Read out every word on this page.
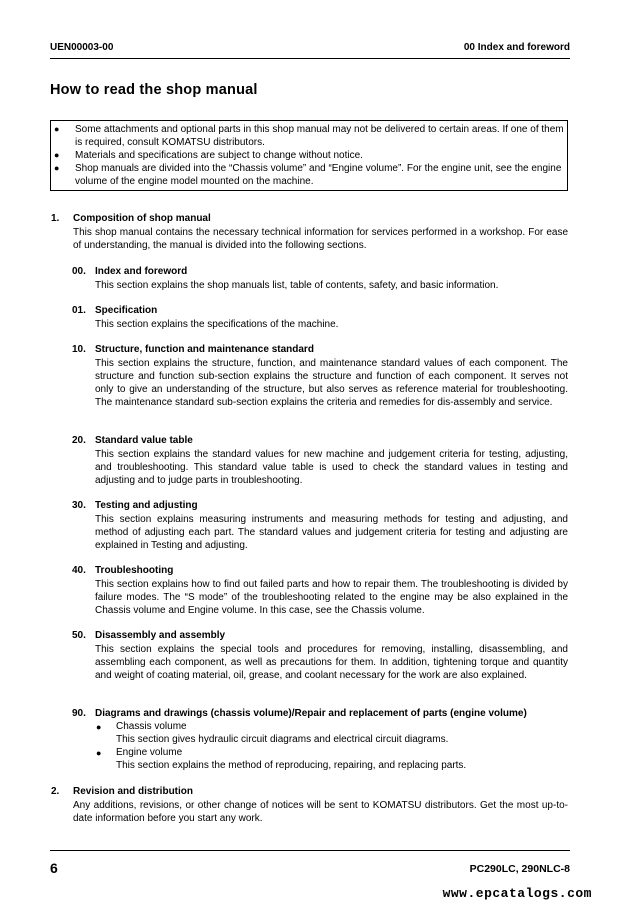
UEN00003-00	00 Index and foreword
How to read the shop manual
● Some attachments and optional parts in this shop manual may not be delivered to certain areas. If one of them is required, consult KOMATSU distributors.
● Materials and specifications are subject to change without notice.
● Shop manuals are divided into the “Chassis volume” and “Engine volume”. For the engine unit, see the engine volume of the engine model mounted on the machine.
1. Composition of shop manual
This shop manual contains the necessary technical information for services performed in a workshop. For ease of understanding, the manual is divided into the following sections.
00. Index and foreword
This section explains the shop manuals list, table of contents, safety, and basic information.
01. Specification
This section explains the specifications of the machine.
10. Structure, function and maintenance standard
This section explains the structure, function, and maintenance standard values of each component. The structure and function sub-section explains the structure and function of each component. It serves not only to give an understanding of the structure, but also serves as reference material for troubleshooting. The maintenance standard sub-section explains the criteria and remedies for dis-assembly and service.
20. Standard value table
This section explains the standard values for new machine and judgement criteria for testing, adjusting, and troubleshooting. This standard value table is used to check the standard values in testing and adjusting and to judge parts in troubleshooting.
30. Testing and adjusting
This section explains measuring instruments and measuring methods for testing and adjusting, and method of adjusting each part. The standard values and judgement criteria for testing and adjusting are explained in Testing and adjusting.
40. Troubleshooting
This section explains how to find out failed parts and how to repair them. The troubleshooting is divided by failure modes. The “S mode” of the troubleshooting related to the engine may be also explained in the Chassis volume and Engine volume. In this case, see the Chassis volume.
50. Disassembly and assembly
This section explains the special tools and procedures for removing, installing, disassembling, and assembling each component, as well as precautions for them. In addition, tightening torque and quantity and weight of coating material, oil, grease, and coolant necessary for the work are also explained.
90. Diagrams and drawings (chassis volume)/Repair and replacement of parts (engine volume)
● Chassis volume
This section gives hydraulic circuit diagrams and electrical circuit diagrams.
● Engine volume
This section explains the method of reproducing, repairing, and replacing parts.
2. Revision and distribution
Any additions, revisions, or other change of notices will be sent to KOMATSU distributors. Get the most up-to-date information before you start any work.
6	PC290LC, 290NLC-8
www.epcatalogs.com
